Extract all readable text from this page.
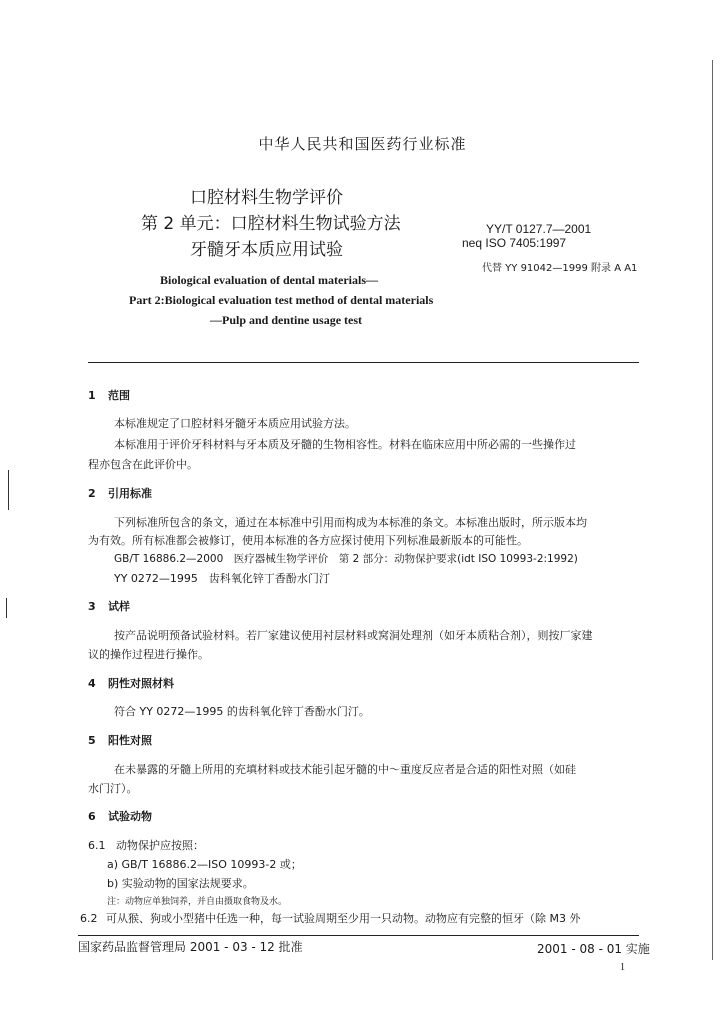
中华人民共和国医药行业标准
口腔材料生物学评价
第 2 单元：口腔材料生物试验方法
牙髓牙本质应用试验
YY/T 0127.7—2001
neq ISO 7405:1997
代替 YY 91042—1999 附录 A A1
Biological evaluation of dental materials—
Part 2:Biological evaluation test method of dental materials
—Pulp and dentine usage test
1 范围
本标准规定了口腔材料牙髓牙本质应用试验方法。
本标准用于评价牙科材料与牙本质及牙髓的生物相容性。材料在临床应用中所必需的一些操作过
程亦包含在此评价中。
2 引用标准
下列标准所包含的条文，通过在本标准中引用而构成为本标准的条文。本标准出版时，所示版本均
为有效。所有标准都会被修订，使用本标准的各方应探讨使用下列标准最新版本的可能性。
GB/T 16886.2—2000　医疗器械生物学评价　第 2 部分：动物保护要求(idt ISO 10993-2:1992)
YY 0272—1995　齿科氧化锌丁香酚水门汀
3 试样
按产品说明预备试验材料。若厂家建议使用衬层材料或窝洞处理剂（如牙本质粘合剂），则按厂家建
议的操作过程进行操作。
4 阴性对照材料
符合 YY 0272—1995 的齿科氧化锌丁香酚水门汀。
5 阳性对照
在未暴露的牙髓上所用的充填材料或技术能引起牙髓的中～重度反应者是合适的阳性对照（如硅
水门汀）。
6 试验动物
6.1 动物保护应按照：
a) GB/T 16886.2—ISO 10993-2 或；
b) 实验动物的国家法规要求。
注：动物应单独饲养，并自由摄取食物及水。
6.2 可从猴、狗或小型猪中任选一种，每一试验周期至少用一只动物。动物应有完整的恒牙（除 M3 外
国家药品监督管理局 2001 - 03 - 12 批准	2001 - 08 - 01 实施
1
